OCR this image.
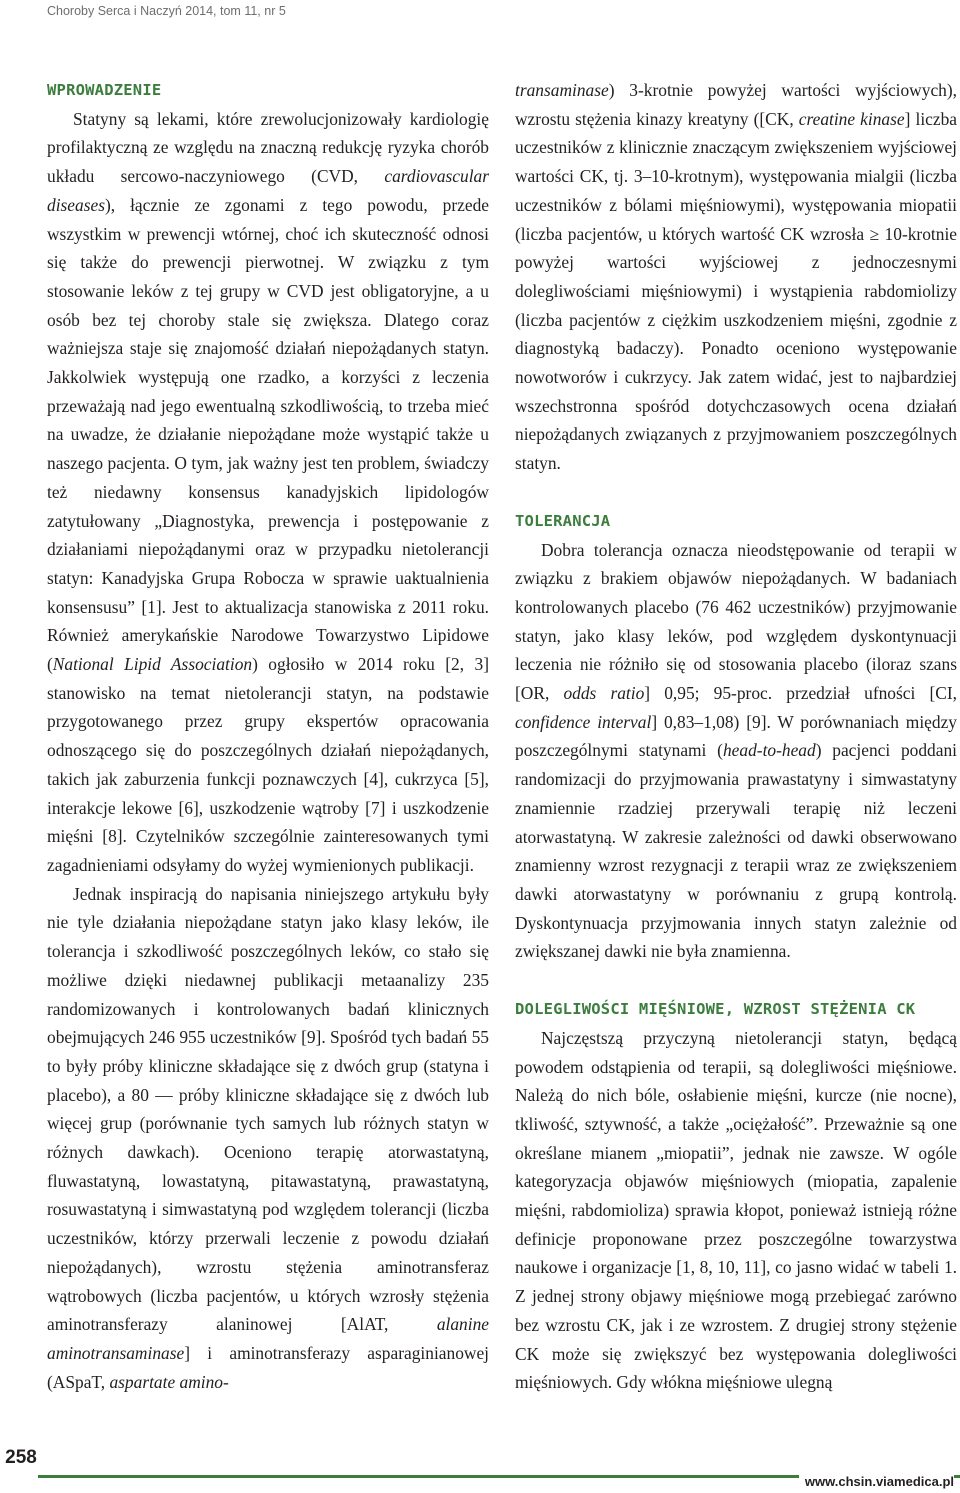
Choroby Serca i Naczyń 2014, tom 11, nr 5
WPROWADZENIE

Statyny są lekami, które zrewolucjonizowały kardiologię profilaktyczną ze względu na znaczną redukcję ryzyka chorób układu sercowo-naczyniowego (CVD, cardiovascular diseases), łącznie ze zgonami z tego powodu, przede wszystkim w prewencji wtórnej, choć ich skuteczność odnosi się także do prewencji pierwotnej. W związku z tym stosowanie leków z tej grupy w CVD jest obligatoryjne, a u osób bez tej choroby stale się zwiększa. Dlatego coraz ważniejsza staje się znajomość działań niepożądanych statyn. Jakkolwiek występują one rzadko, a korzyści z leczenia przeważają nad jego ewentualną szkodliwością, to trzeba mieć na uwadze, że działanie niepożądane może wystąpić także u naszego pacjenta. O tym, jak ważny jest ten problem, świadczy też niedawny konsensus kanadyjskich lipidologów zatytułowany „Diagnostyka, prewencja i postępowanie z działaniami niepożądanymi oraz w przypadku nietolerancji statyn: Kanadyjska Grupa Robocza w sprawie uaktualnienia konsensusu” [1]. Jest to aktualizacja stanowiska z 2011 roku. Również amerykańskie Narodowe Towarzystwo Lipidowe (National Lipid Association) ogłosiło w 2014 roku [2, 3] stanowisko na temat nietolerancji statyn, na podstawie przygotowanego przez grupy ekspertów opracowania odnoszącego się do poszczególnych działań niepożądanych, takich jak zaburzenia funkcji poznawczych [4], cukrzyca [5], interakcje lekowe [6], uszkodzenie wątroby [7] i uszkodzenie mięśni [8]. Czytelników szczególnie zainteresowanych tymi zagadnieniami odsyłamy do wyżej wymienionych publikacji.

Jednak inspiracją do napisania niniejszego artykułu były nie tyle działania niepożądane statyn jako klasy leków, ile tolerancja i szkodliwość poszczególnych leków, co stało się możliwe dzięki niedawnej publikacji metaanalizy 235 randomizowanych i kontrolowanych badań klinicznych obejmujących 246 955 uczestników [9]. Spośród tych badań 55 to były próby kliniczne składające się z dwóch grup (statyna i placebo), a 80 — próby kliniczne składające się z dwóch lub więcej grup (porównanie tych samych lub różnych statyn w różnych dawkach). Oceniono terapię atorwastatyną, fluwastatyną, lowastatyną, pitawastatyną, prawastatyną, rosuwastatyną i simwastatyną pod względem tolerancji (liczba uczestników, którzy przerwali leczenie z powodu działań niepożądanych), wzrostu stężenia aminotransferaz wątrobowych (liczba pacjentów, u których wzrosły stężenia aminotransferazy alaninowej [AlAT, alanine aminotransaminase] i aminotransferazy asparaginianowej (ASpaT, aspartate amino-

transaminase) 3-krotnie powyżej wartości wyjściowych), wzrostu stężenia kinazy kreatyny ([CK, creatine kinase] liczba uczestników z klinicznie znaczącym zwiększeniem wyjściowej wartości CK, tj. 3–10-krotnym), występowania mialgii (liczba uczestników z bólami mięśniowymi), występowania miopatii (liczba pacjentów, u których wartość CK wzrosła ≥ 10-krotnie powyżej wartości wyjściowej z jednoczesnymi dolegliwościami mięśniowymi) i wystąpienia rabdomiolizy (liczba pacjentów z ciężkim uszkodzeniem mięśni, zgodnie z diagnostyką badaczy). Ponadto oceniono występowanie nowotworów i cukrzycy. Jak zatem widać, jest to najbardziej wszechstronna spośród dotychczasowych ocena działań niepożądanych związanych z przyjmowaniem poszczególnych statyn.

TOLERANCJA

Dobra tolerancja oznacza nieodstępowanie od terapii w związku z brakiem objawów niepożądanych. W badaniach kontrolowanych placebo (76 462 uczestników) przyjmowanie statyn, jako klasy leków, pod względem dyskontynuacji leczenia nie różniło się od stosowania placebo (iloraz szans [OR, odds ratio] 0,95; 95-proc. przedział ufności [CI, confidence interval] 0,83–1,08) [9]. W porównaniach między poszczególnymi statynami (head-to-head) pacjenci poddani randomizacji do przyjmowania prawastatyny i simwastatyny znamiennie rzadziej przerywali terapię niż leczeni atorwastatyną. W zakresie zależności od dawki obserwowano znamienny wzrost rezygnacji z terapii wraz ze zwiększeniem dawki atorwastatyny w porównaniu z grupą kontrolą. Dyskontynuacja przyjmowania innych statyn zależnie od zwiększanej dawki nie była znamienna.

DOLEGLIWOŚCI MIĘŚNIOWE, WZROST STĘŻENIA CK

Najczęstszą przyczyną nietolerancji statyn, będącą powodem odstąpienia od terapii, są dolegliwości mięśniowe. Należą do nich bóle, osłabienie mięśni, kurcze (nie nocne), tkliwość, sztywność, a także „ociężałość”. Przeważnie są one określane mianem „miopatii”, jednak nie zawsze. W ogóle kategoryzacja objawów mięśniowych (miopatia, zapalenie mięśni, rabdomioliza) sprawia kłopot, ponieważ istnieją różne definicje proponowane przez poszczególne towarzystwa naukowe i organizacje [1, 8, 10, 11], co jasno widać w tabeli 1. Z jednej strony objawy mięśniowe mogą przebiegać zarówno bez wzrostu CK, jak i ze wzrostem. Z drugiej strony stężenie CK może się zwiększyć bez występowania dolegliwości mięśniowych. Gdy włókna mięśniowe ulegną

258
www.chsin.viamedica.pl
